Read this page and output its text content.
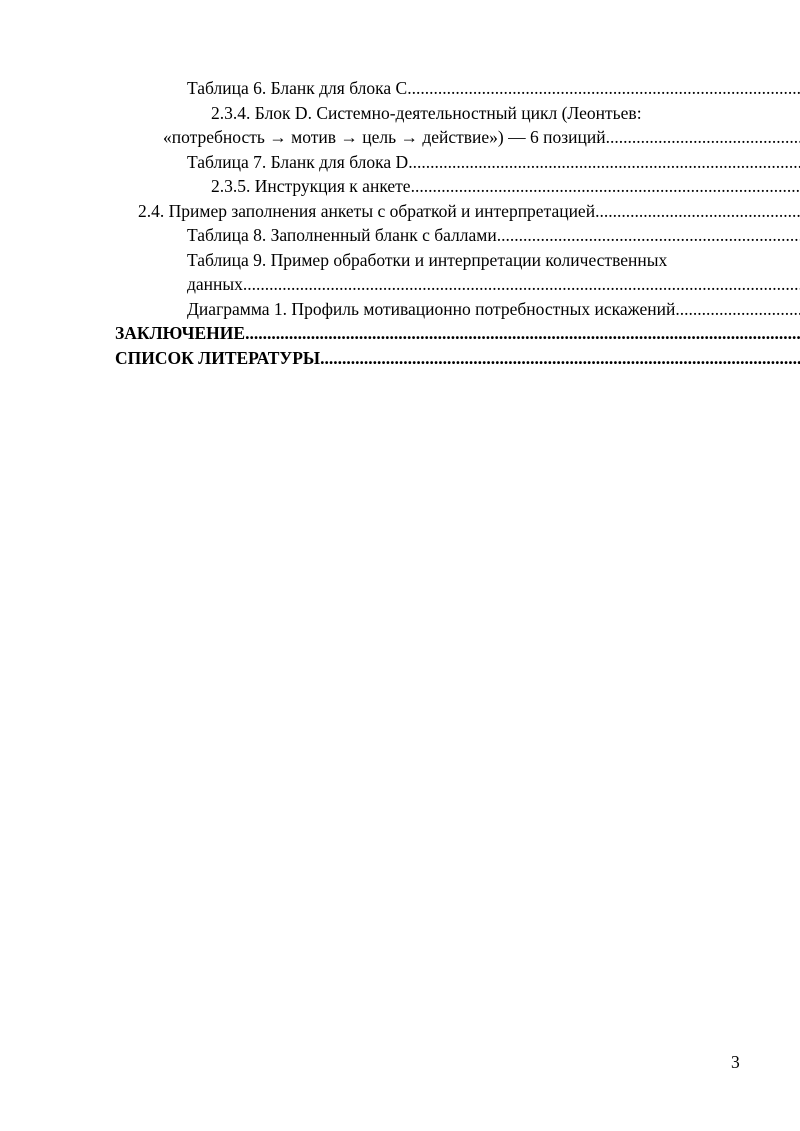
Таблица 6. Бланк для блока С
.....
2.3.4. Блок D. Системно-деятельностный цикл (Леонтьев:
«потребность → мотив → цель → действие») — 6 позиций
.....
Таблица 7. Бланк для блока D
.....
2.3.5. Инструкция к анкете
.....
2.4. Пример заполнения анкеты с обраткой и интерпретацией
.....
Таблица 8. Заполненный бланк с баллами
.....
Таблица 9. Пример обработки и интерпретации количественных
данных
.....
Диаграмма 1. Профиль мотивационно потребностных искажений
.....
ЗАКЛЮЧЕНИЕ
.....
СПИСОК ЛИТЕРАТУРЫ
.....
3
